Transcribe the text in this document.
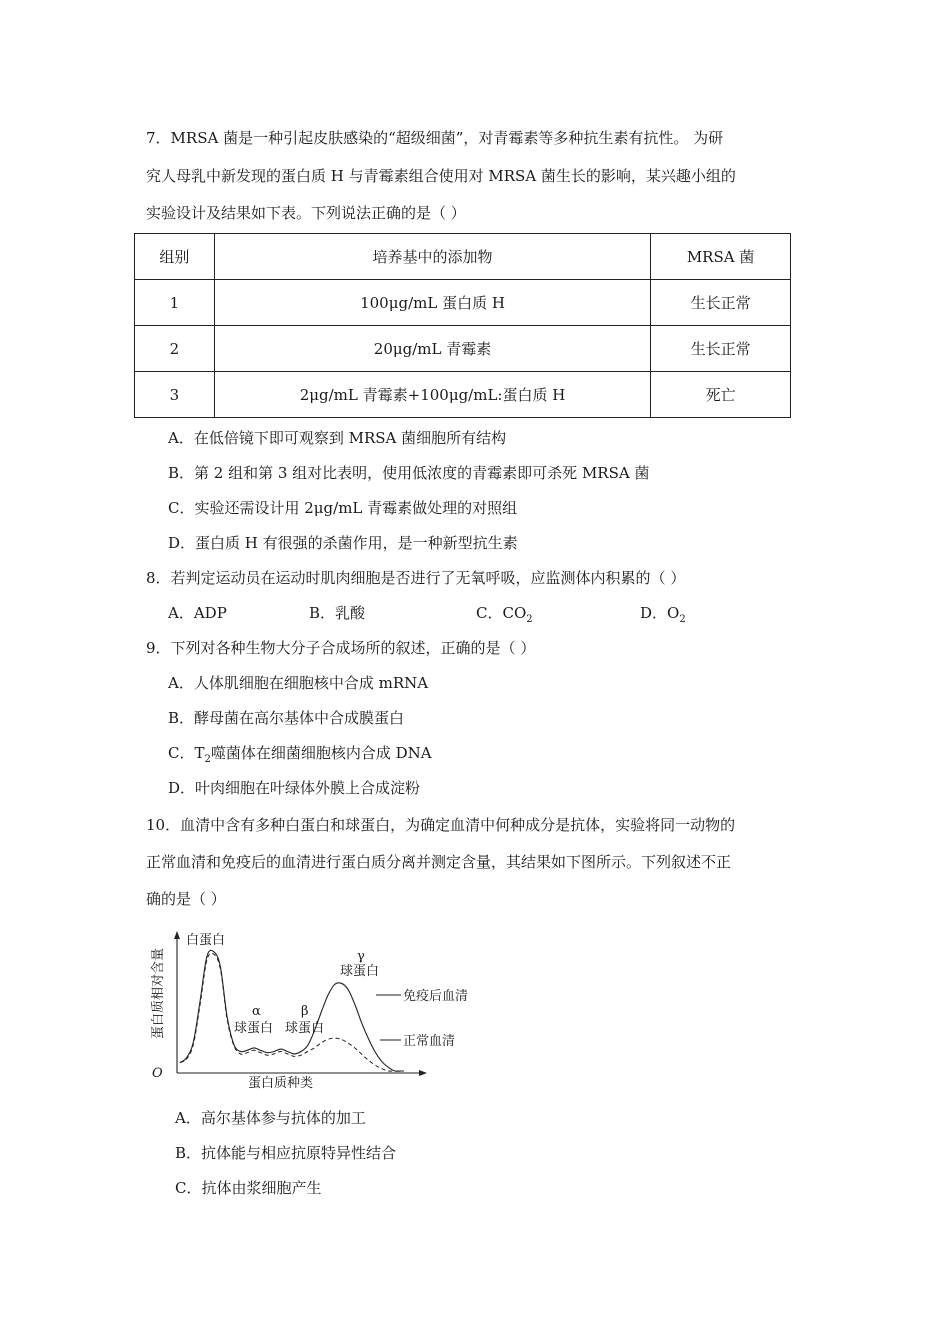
7．MRSA 菌是一种引起皮肤感染的“超级细菌”，对青霉素等多种抗生素有抗性。 为研
究人母乳中新发现的蛋白质 H 与青霉素组合使用对 MRSA 菌生长的影响，某兴趣小组的
实验设计及结果如下表。下列说法正确的是（ ）
组别	培养基中的添加物	MRSA 菌
1	100μg/mL 蛋白质 H	生长正常
2	20μg/mL 青霉素	生长正常
3	2μg/mL 青霉素+100μg/mL:蛋白质 H	死亡
A．在低倍镜下即可观察到 MRSA 菌细胞所有结构
B．第 2 组和第 3 组对比表明，使用低浓度的青霉素即可杀死 MRSA 菌
C．实验还需设计用 2μg/mL 青霉素做处理的对照组
D．蛋白质 H 有很强的杀菌作用，是一种新型抗生素
8．若判定运动员在运动时肌肉细胞是否进行了无氧呼吸，应监测体内积累的（ ）
A．ADP	B．乳酸	C．$CO_2$	D．$O_2$
9．下列对各种生物大分子合成场所的叙述，正确的是（ ）
A．人体肌细胞在细胞核中合成 mRNA
B．酵母菌在高尔基体中合成膜蛋白
C．$T_2$噬菌体在细菌细胞核内合成 DNA
D．叶肉细胞在叶绿体外膜上合成淀粉
10．血清中含有多种白蛋白和球蛋白，为确定血清中何种成分是抗体，实验将同一动物的
正常血清和免疫后的血清进行蛋白质分离并测定含量，其结果如下图所示。下列叙述不正
确的是（ ）
O
蛋白质种类
蛋白质相对含量
白蛋白
α
球蛋白
β
球蛋白
γ
球蛋白
免疫后血清
正常血清
A．高尔基体参与抗体的加工
B．抗体能与相应抗原特异性结合
C．抗体由浆细胞产生
